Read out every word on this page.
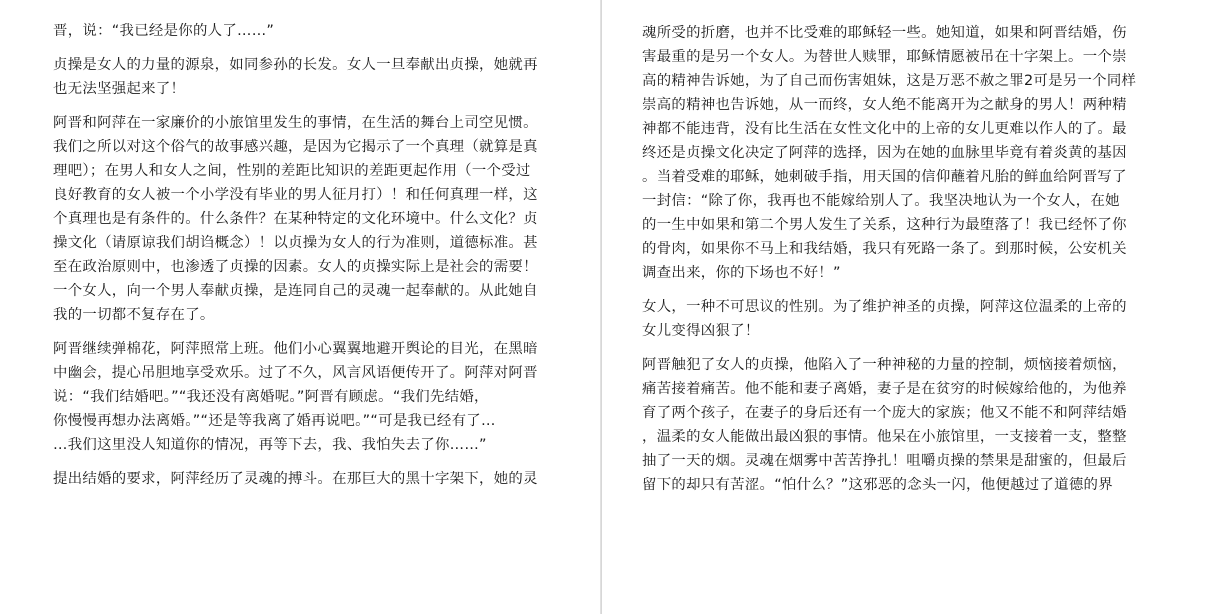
晋，说：“我已经是你的人了……”
贞操是女人的力量的源泉，如同参孙的长发。女人一旦奉献出贞操，她就再
也无法坚强起来了！
阿晋和阿萍在一家廉价的小旅馆里发生的事情，在生活的舞台上司空见惯。
我们之所以对这个俗气的故事感兴趣，是因为它揭示了一个真理（就算是真
理吧）；在男人和女人之间，性别的差距比知识的差距更起作用（一个受过
良好教育的女人被一个小学没有毕业的男人征月打）！和任何真理一样，这
个真理也是有条件的。什么条件？在某种特定的文化环境中。什么文化？贞
操文化（请原谅我们胡诌概念）！以贞操为女人的行为准则，道德标准。甚
至在政治原则中，也渗透了贞操的因素。女人的贞操实际上是社会的需要！
一个女人，向一个男人奉献贞操，是连同自己的灵魂一起奉献的。从此她自
我的一切都不复存在了。
阿晋继续弹棉花，阿萍照常上班。他们小心翼翼地避开舆论的目光，在黑暗
中幽会，提心吊胆地享受欢乐。过了不久，风言风语便传开了。阿萍对阿晋
说：“我们结婚吧。”“我还没有离婚呢。”阿晋有顾虑。“我们先结婚，
你慢慢再想办法离婚。”“还是等我离了婚再说吧。”“可是我已经有了…
…我们这里没人知道你的情况，再等下去，我、我怕失去了你……”
提出结婚的要求，阿萍经历了灵魂的搏斗。在那巨大的黑十字架下，她的灵
魂所受的折磨，也并不比受难的耶稣轻一些。她知道，如果和阿晋结婚，伤
害最重的是另一个女人。为替世人赎罪，耶稣情愿被吊在十字架上。一个崇
高的精神告诉她，为了自己而伤害姐妹，这是万恶不赦之罪2可是另一个同样
崇高的精神也告诉她，从一而终，女人绝不能离开为之献身的男人！两种精
神都不能违背，没有比生活在女性文化中的上帝的女儿更难以作人的了。最
终还是贞操文化决定了阿萍的选择，因为在她的血脉里毕竟有着炎黄的基因
。当着受难的耶稣，她刺破手指，用天国的信仰蘸着凡胎的鲜血给阿晋写了
一封信：“除了你，我再也不能嫁给别人了。我坚决地认为一个女人，在她
的一生中如果和第二个男人发生了关系，这种行为最堕落了！我已经怀了你
的骨肉，如果你不马上和我结婚，我只有死路一条了。到那时候，公安机关
调查出来，你的下场也不好！”
女人，一种不可思议的性别。为了维护神圣的贞操，阿萍这位温柔的上帝的
女儿变得凶狠了！
阿晋触犯了女人的贞操，他陷入了一种神秘的力量的控制，烦恼接着烦恼，
痛苦接着痛苦。他不能和妻子离婚，妻子是在贫穷的时候嫁给他的，为他养
育了两个孩子，在妻子的身后还有一个庞大的家族；他又不能不和阿萍结婚
，温柔的女人能做出最凶狠的事情。他呆在小旅馆里，一支接着一支，整整
抽了一天的烟。灵魂在烟雾中苦苦挣扎！咀嚼贞操的禁果是甜蜜的，但最后
留下的却只有苦涩。“怕什么？”这邪恶的念头一闪，他便越过了道德的界
